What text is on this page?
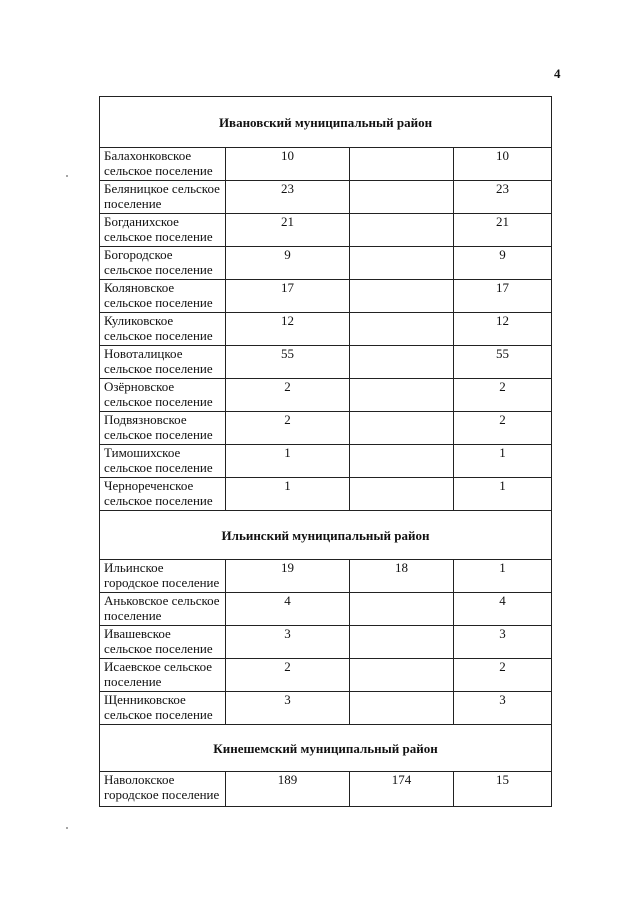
4
Ивановский муниципальный район			
Балахонковское сельское поселение	10		10
Беляницкое сельское поселение	23		23
Богданихское сельское поселение	21		21
Богородское сельское поселение	9		9
Коляновское сельское поселение	17		17
Куликовское сельское поселение	12		12
Новоталицкое сельское поселение	55		55
Озёрновское сельское поселение	2		2
Подвязновское сельское поселение	2		2
Тимошихское сельское поселение	1		1
Чернореченское сельское поселение	1		1
Ильинский муниципальный район			
Ильинское городское поселение	19	18	1
Аньковское сельское поселение	4		4
Ивашевское сельское поселение	3		3
Исаевское сельское поселение	2		2
Щенниковское сельское поселение	3		3
Кинешемский муниципальный район			
Наволокское городское поселение	189	174	15
